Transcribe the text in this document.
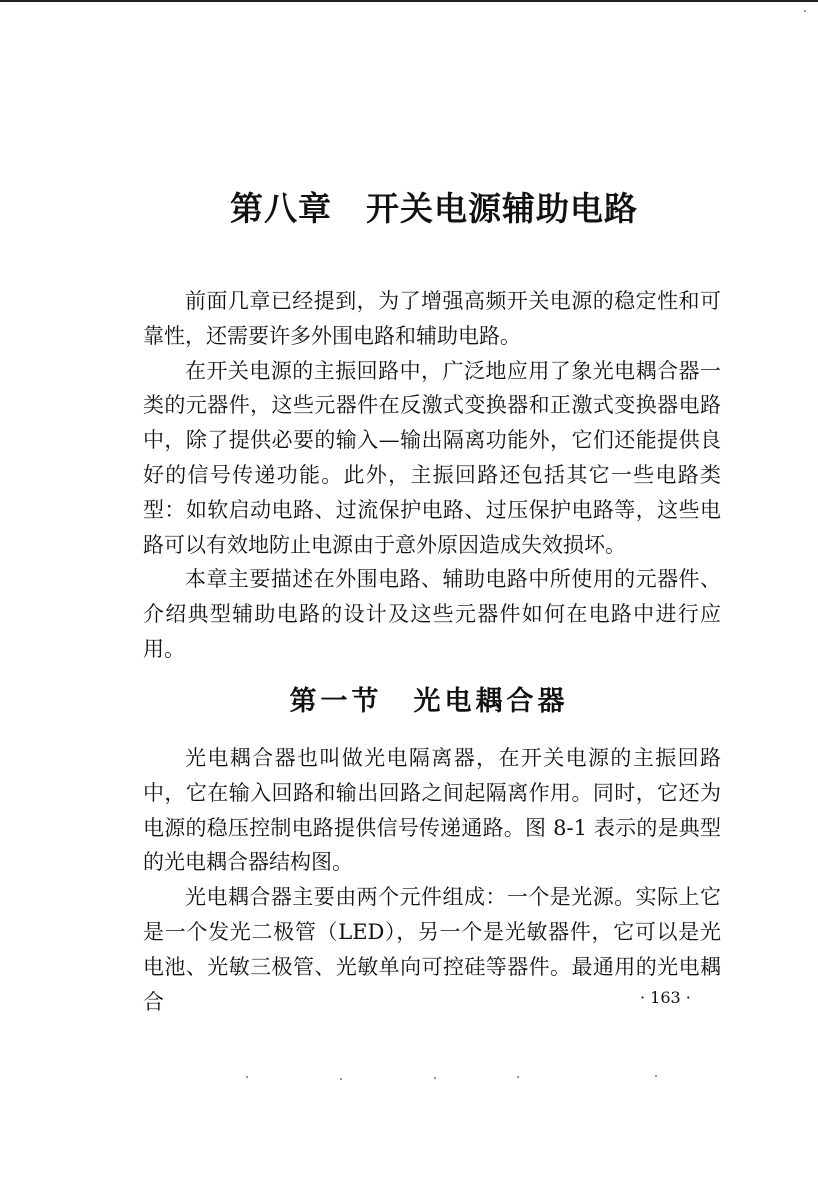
第八章　开关电源辅助电路

前面几章已经提到，为了增强高频开关电源的稳定性和可靠性，还需要许多外围电路和辅助电路。

在开关电源的主振回路中，广泛地应用了象光电耦合器一类的元器件，这些元器件在反激式变换器和正激式变换器电路中，除了提供必要的输入—输出隔离功能外，它们还能提供良好的信号传递功能。此外，主振回路还包括其它一些电路类型：如软启动电路、过流保护电路、过压保护电路等，这些电路可以有效地防止电源由于意外原因造成失效损坏。

本章主要描述在外围电路、辅助电路中所使用的元器件、介绍典型辅助电路的设计及这些元器件如何在电路中进行应用。

第一节　光电耦合器

光电耦合器也叫做光电隔离器，在开关电源的主振回路中，它在输入回路和输出回路之间起隔离作用。同时，它还为电源的稳压控制电路提供信号传递通路。图 8-1 表示的是典型的光电耦合器结构图。

光电耦合器主要由两个元件组成：一个是光源。实际上它是一个发光二极管（LED），另一个是光敏器件，它可以是光电池、光敏三极管、光敏单向可控硅等器件。最通用的光电耦合	· 163 ·
